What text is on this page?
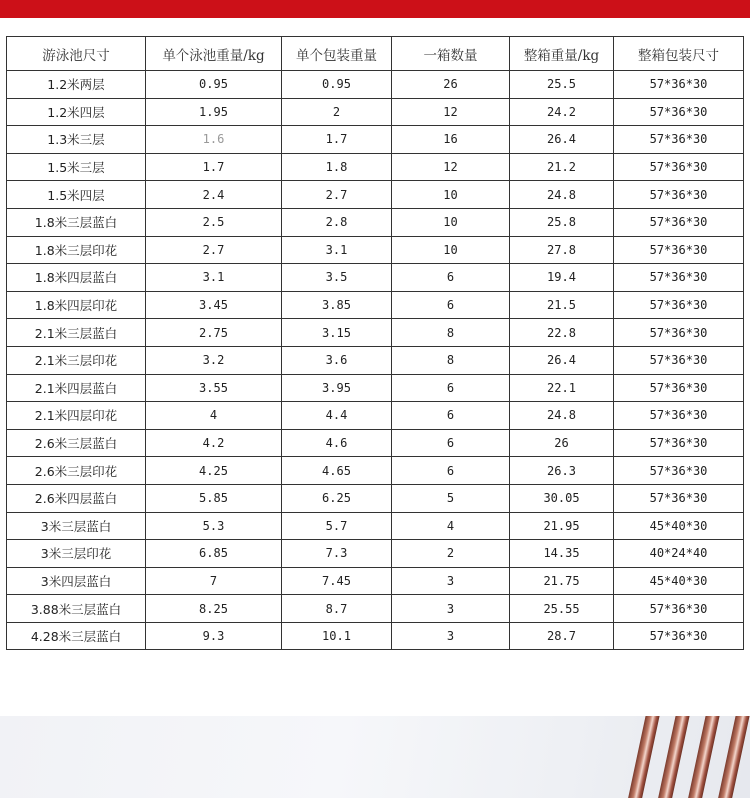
游泳池尺寸	单个泳池重量/kg	单个包装重量	一箱数量	整箱重量/kg	整箱包装尺寸
1.2米两层	0.95	0.95	26	25.5	57*36*30
1.2米四层	1.95	2	12	24.2	57*36*30
1.3米三层	1.6	1.7	16	26.4	57*36*30
1.5米三层	1.7	1.8	12	21.2	57*36*30
1.5米四层	2.4	2.7	10	24.8	57*36*30
1.8米三层蓝白	2.5	2.8	10	25.8	57*36*30
1.8米三层印花	2.7	3.1	10	27.8	57*36*30
1.8米四层蓝白	3.1	3.5	6	19.4	57*36*30
1.8米四层印花	3.45	3.85	6	21.5	57*36*30
2.1米三层蓝白	2.75	3.15	8	22.8	57*36*30
2.1米三层印花	3.2	3.6	8	26.4	57*36*30
2.1米四层蓝白	3.55	3.95	6	22.1	57*36*30
2.1米四层印花	4	4.4	6	24.8	57*36*30
2.6米三层蓝白	4.2	4.6	6	26	57*36*30
2.6米三层印花	4.25	4.65	6	26.3	57*36*30
2.6米四层蓝白	5.85	6.25	5	30.05	57*36*30
3米三层蓝白	5.3	5.7	4	21.95	45*40*30
3米三层印花	6.85	7.3	2	14.35	40*24*40
3米四层蓝白	7	7.45	3	21.75	45*40*30
3.88米三层蓝白	8.25	8.7	3	25.55	57*36*30
4.28米三层蓝白	9.3	10.1	3	28.7	57*36*30
